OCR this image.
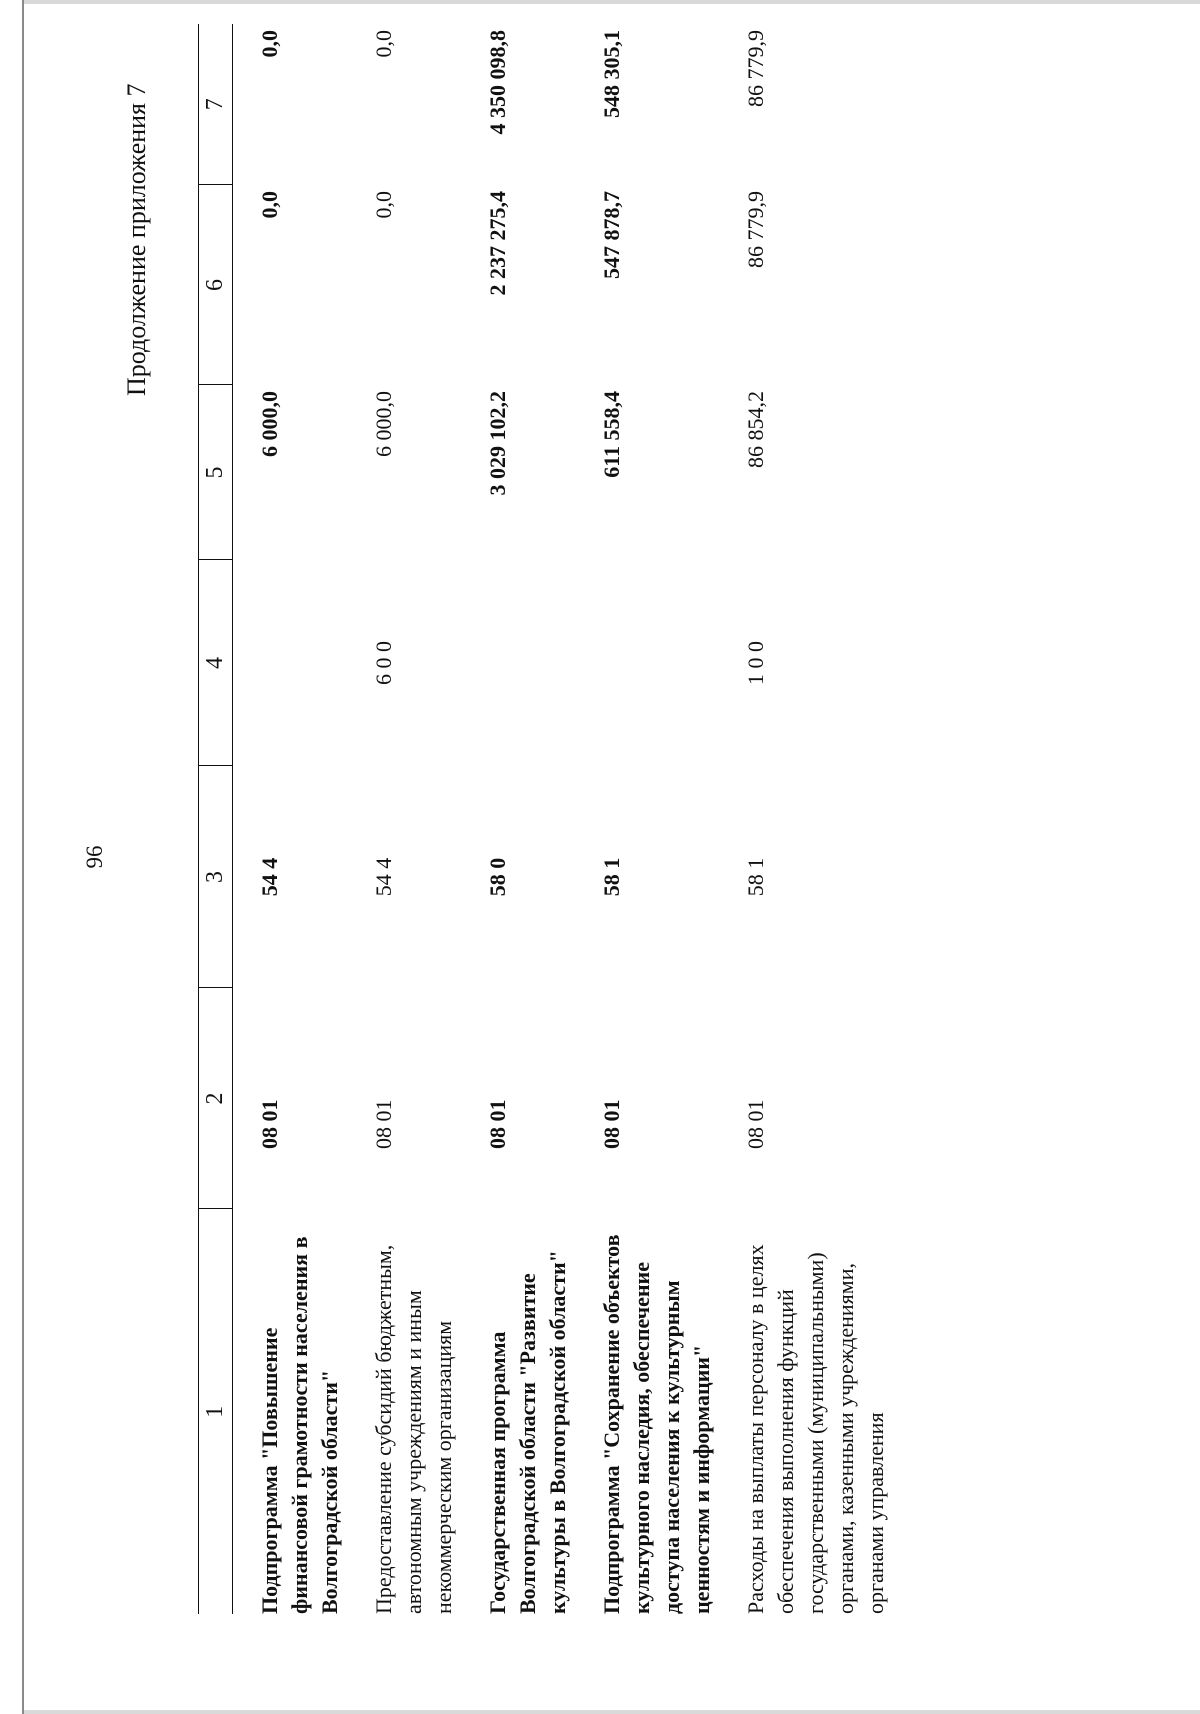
96
Продолжение приложения 7
1	2	3	4	5	6	7
Подпрограмма "Повышение финансовой грамотности населения в Волгоградской области"	08 01	54 4		6 000,0	0,0	0,0
Предоставление субсидий бюджетным, автономным учреждениям и иным некоммерческим организациям	08 01	54 4	6 0 0	6 000,0	0,0	0,0
Государственная программа Волгоградской области "Развитие культуры в Волгоградской области"	08 01	58 0		3 029 102,2	2 237 275,4	4 350 098,8
Подпрограмма "Сохранение объектов культурного наследия, обеспечение доступа населения к культурным ценностям и информации"	08 01	58 1		611 558,4	547 878,7	548 305,1
Расходы на выплаты персоналу в целях обеспечения выполнения функций государственными (муниципальными) органами, казенными учреждениями, органами управления	08 01	58 1	1 0 0	86 854,2	86 779,9	86 779,9
